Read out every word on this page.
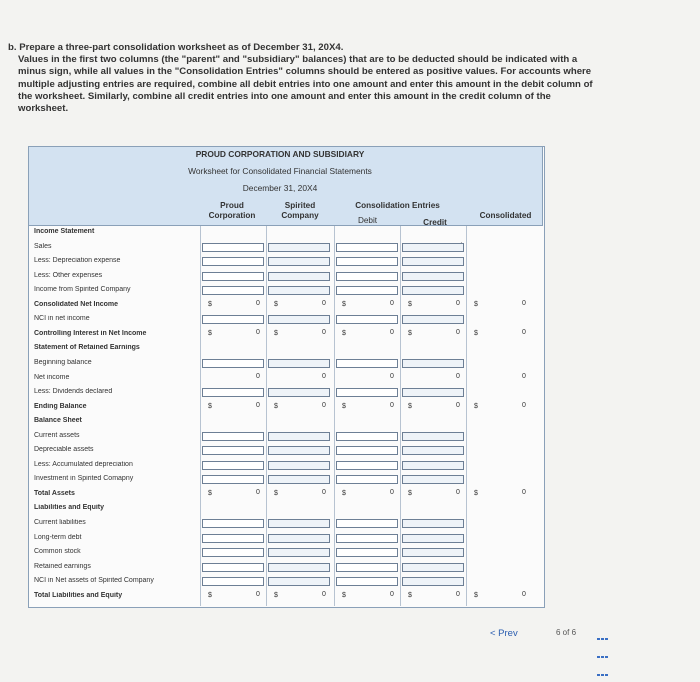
b. Prepare a three-part consolidation worksheet as of December 31, 20X4.
Values in the first two columns (the "parent" and "subsidiary" balances) that are to be deducted should be indicated with a
minus sign, while all values in the "Consolidation Entries" columns should be entered as positive values. For accounts where
multiple adjusting entries are required, combine all debit entries into one amount and enter this amount in the debit column of
the worksheet. Similarly, combine all credit entries into one amount and enter this amount in the credit column of the
worksheet.
PROUD CORPORATION AND SUBSIDIARY
Worksheet for Consolidated Financial Statements
December 31, 20X4
Proud
Corporation
Spirited
Company
Consolidation Entries
Debit	Credit
Consolidated
Income Statement
Sales
Less: Depreciation expense
Less: Other expenses
Income from Spirited Company
Consolidated Net Income	$	0 $	0 $	0 $	0 $	0
NCI in net income
Controlling Interest in Net Income	$	0 $	0 $	0 $	0 $	0
Statement of Retained Earnings
Beginning balance
Net income	0	0	0	0	0
Less: Dividends declared
Ending Balance	$	0 $	0 $	0 $	0 $	0
Balance Sheet
Current assets
Depreciable assets
Less: Accumulated depreciation
Investment in Spirited Comapny
Total Assets	$	0 $	0 $	0 $	0 $	0
Liabilities and Equity
Current liabilities
Long-term debt
Common stock
Retained earnings
NCI in Net assets of Spirited Company
Total Liabilities and Equity	$	0 $	0 $	0 $	0 $	0
·
< Prev	6 of 6
